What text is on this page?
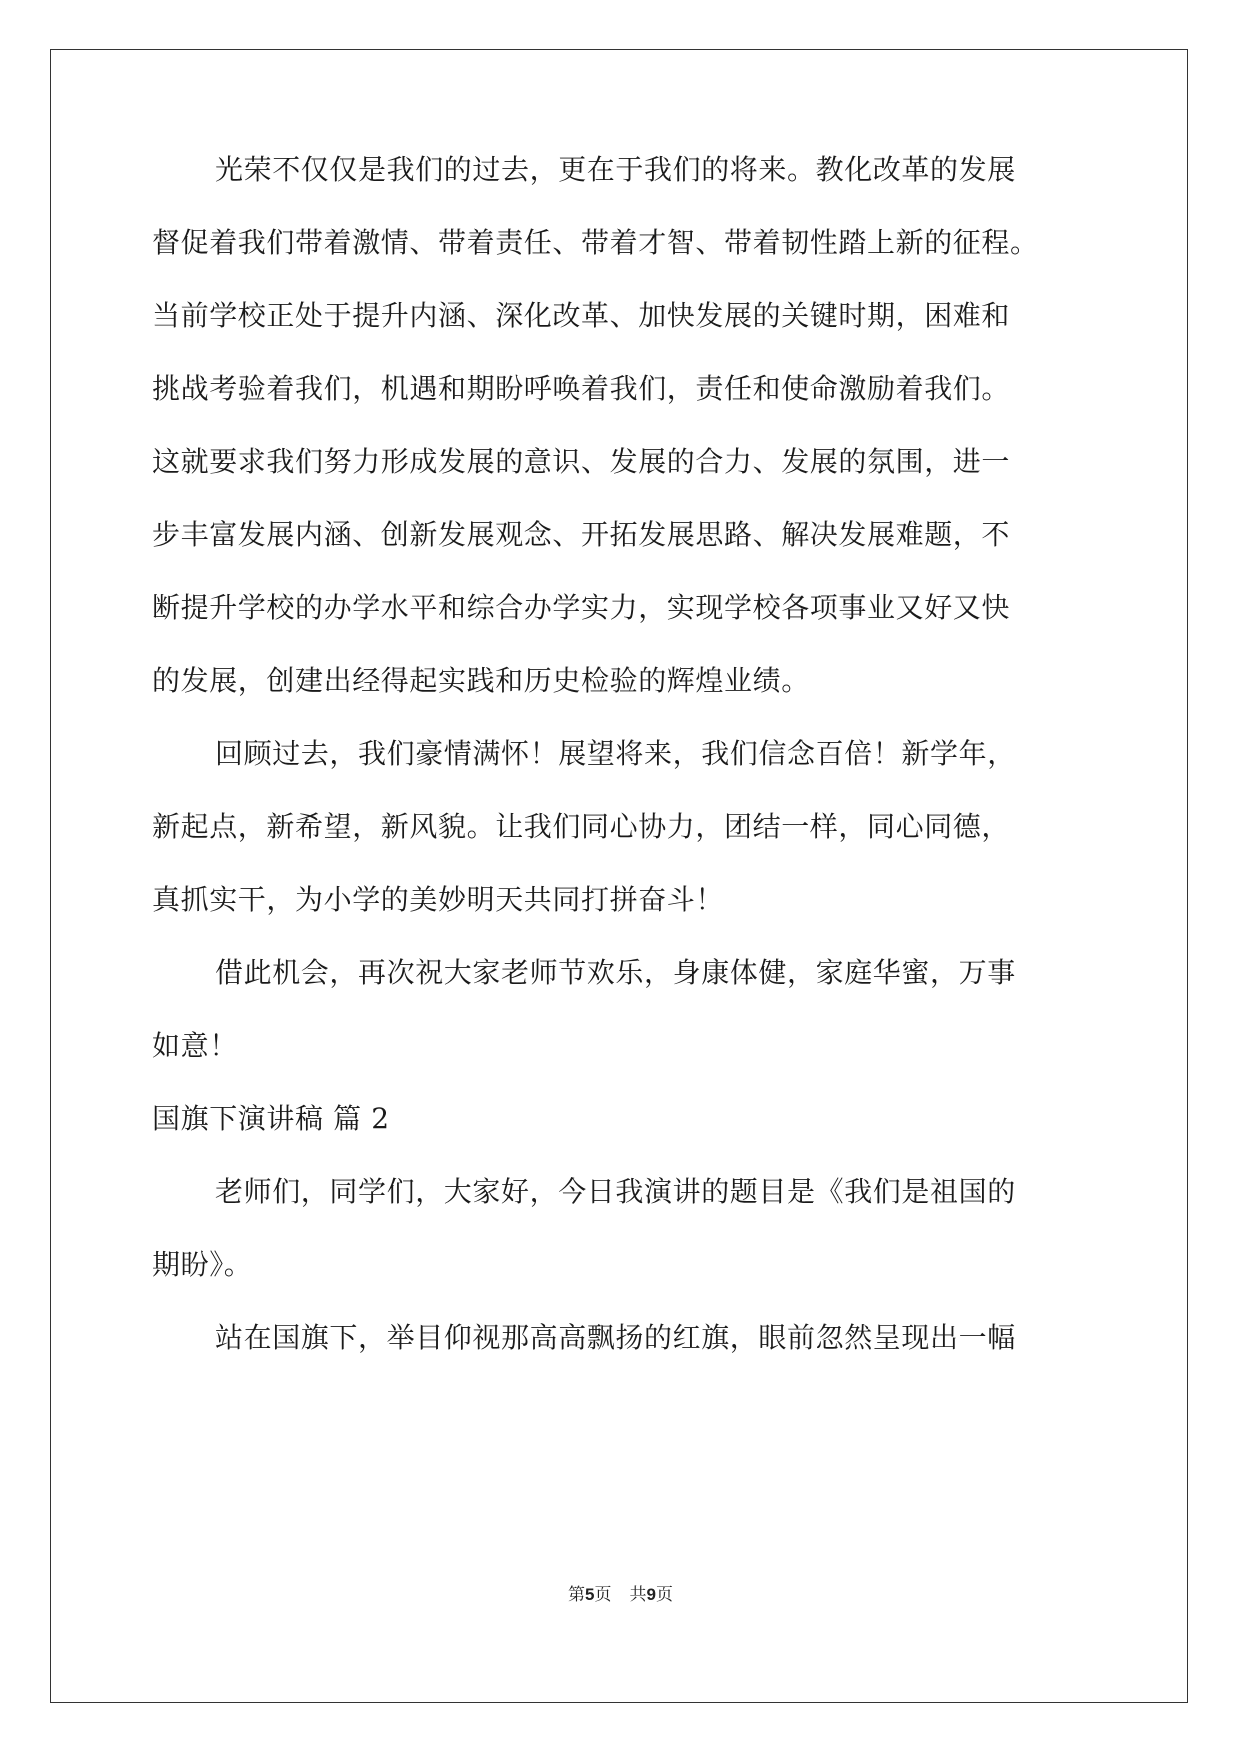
光荣不仅仅是我们的过去，更在于我们的将来。教化改革的发展
督促着我们带着激情、带着责任、带着才智、带着韧性踏上新的征程。
当前学校正处于提升内涵、深化改革、加快发展的关键时期，困难和
挑战考验着我们，机遇和期盼呼唤着我们，责任和使命激励着我们。
这就要求我们努力形成发展的意识、发展的合力、发展的氛围，进一
步丰富发展内涵、创新发展观念、开拓发展思路、解决发展难题，不
断提升学校的办学水平和综合办学实力，实现学校各项事业又好又快
的发展，创建出经得起实践和历史检验的辉煌业绩。
回顾过去，我们豪情满怀！展望将来，我们信念百倍！新学年，
新起点，新希望，新风貌。让我们同心协力，团结一样，同心同德，
真抓实干，为小学的美妙明天共同打拼奋斗！
借此机会，再次祝大家老师节欢乐，身康体健，家庭华蜜，万事
如意！
国旗下演讲稿 篇 2
老师们，同学们，大家好，今日我演讲的题目是《我们是祖国的
期盼》。
站在国旗下，举目仰视那高高飘扬的红旗，眼前忽然呈现出一幅
第5页 共9页
